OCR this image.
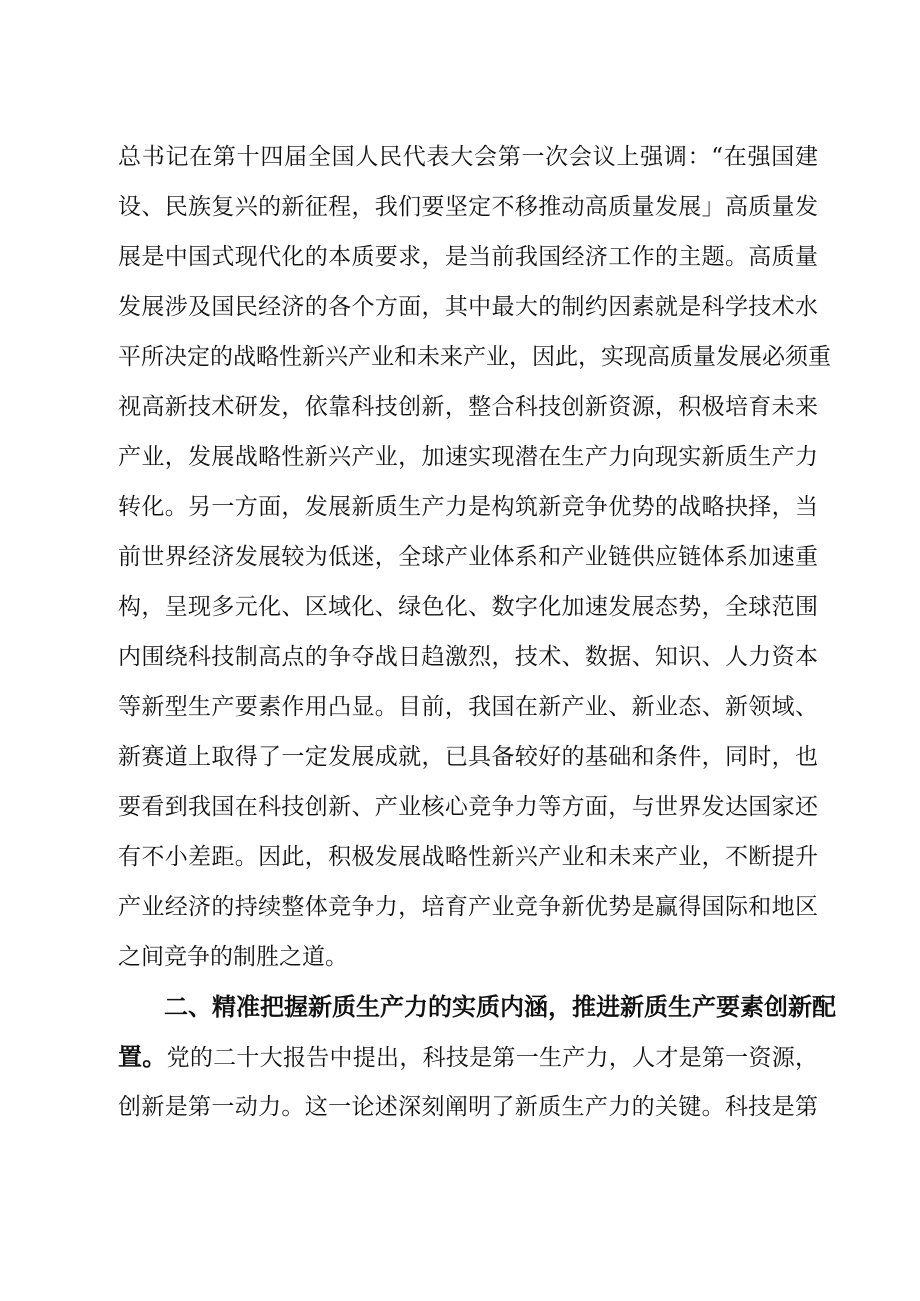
总书记在第十四届全国人民代表大会第一次会议上强调：“在强国建
设、民族复兴的新征程，我们要坚定不移推动高质量发展」高质量发
展是中国式现代化的本质要求，是当前我国经济工作的主题。高质量
发展涉及国民经济的各个方面，其中最大的制约因素就是科学技术水
平所决定的战略性新兴产业和未来产业，因此，实现高质量发展必须重
视高新技术研发，依靠科技创新，整合科技创新资源，积极培育未来
产业，发展战略性新兴产业，加速实现潜在生产力向现实新质生产力
转化。另一方面，发展新质生产力是构筑新竞争优势的战略抉择，当
前世界经济发展较为低迷，全球产业体系和产业链供应链体系加速重
构，呈现多元化、区域化、绿色化、数字化加速发展态势，全球范围
内围绕科技制高点的争夺战日趋激烈，技术、数据、知识、人力资本
等新型生产要素作用凸显。目前，我国在新产业、新业态、新领域、
新赛道上取得了一定发展成就，已具备较好的基础和条件，同时，也
要看到我国在科技创新、产业核心竞争力等方面，与世界发达国家还
有不小差距。因此，积极发展战略性新兴产业和未来产业，不断提升
产业经济的持续整体竞争力，培育产业竞争新优势是赢得国际和地区
之间竞争的制胜之道。
二、精准把握新质生产力的实质内涵，推进新质生产要素创新配
置。党的二十大报告中提出，科技是第一生产力，人才是第一资源，
创新是第一动力。这一论述深刻阐明了新质生产力的关键。科技是第
